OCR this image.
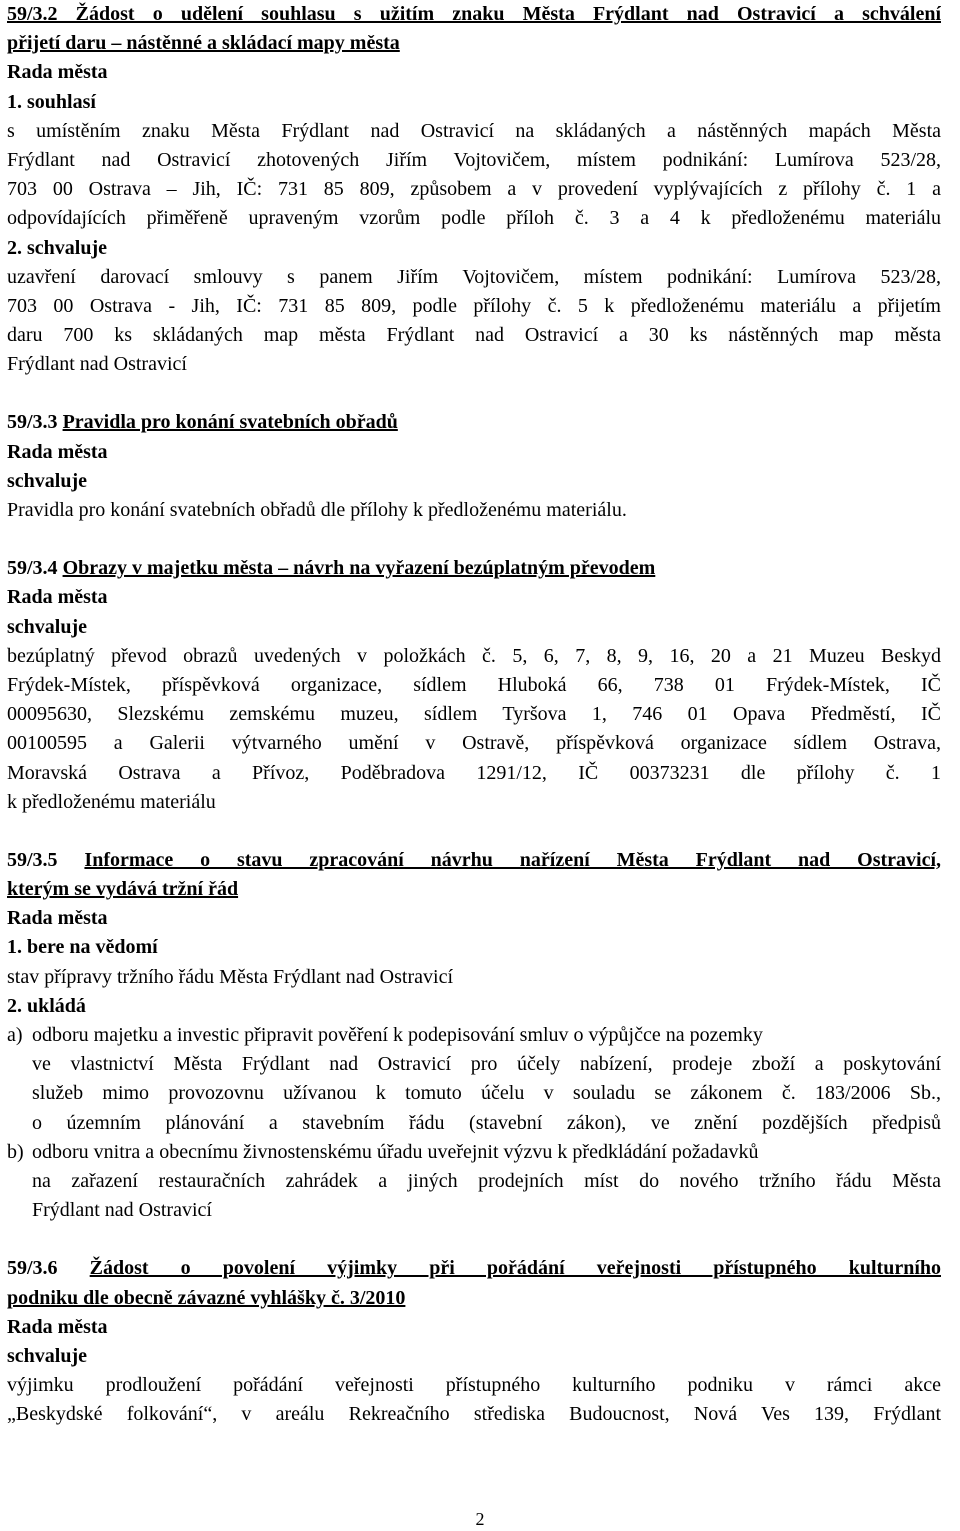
59/3.2 Žádost o udělení souhlasu s užitím znaku Města Frýdlant nad Ostravicí a schválení
přijetí daru – nástěnné a skládací mapy města
Rada města
1. souhlasí
s umístěním znaku Města Frýdlant nad Ostravicí na skládaných a nástěnných mapách Města
Frýdlant nad Ostravicí zhotovených Jiřím Vojtovičem, místem podnikání: Lumírova 523/28,
703 00 Ostrava – Jih, IČ: 731 85 809, způsobem a v provedení vyplývajících z přílohy č. 1 a
odpovídajících přiměřeně upraveným vzorům podle příloh č. 3 a 4 k předloženému materiálu
2. schvaluje
uzavření darovací smlouvy s panem Jiřím Vojtovičem, místem podnikání: Lumírova 523/28,
703 00 Ostrava - Jih, IČ: 731 85 809, podle přílohy č. 5 k předloženému materiálu a přijetím
daru 700 ks skládaných map města Frýdlant nad Ostravicí a 30 ks nástěnných map města
Frýdlant nad Ostravicí
59/3.3 Pravidla pro konání svatebních obřadů
Rada města
schvaluje
Pravidla pro konání svatebních obřadů dle přílohy k předloženému materiálu.
59/3.4 Obrazy v majetku města – návrh na vyřazení bezúplatným převodem
Rada města
schvaluje
bezúplatný převod obrazů uvedených v položkách č. 5, 6, 7, 8, 9, 16, 20 a 21 Muzeu Beskyd
Frýdek-Místek, příspěvková organizace, sídlem Hluboká 66, 738 01 Frýdek-Místek, IČ
00095630, Slezskému zemskému muzeu, sídlem Tyršova 1, 746 01 Opava Předměstí, IČ
00100595 a Galerii výtvarného umění v Ostravě, příspěvková organizace sídlem Ostrava,
Moravská Ostrava a Přívoz, Poděbradova 1291/12, IČ 00373231 dle přílohy č. 1
k předloženému materiálu
59/3.5 Informace o stavu zpracování návrhu nařízení Města Frýdlant nad Ostravicí,
kterým se vydává tržní řád
Rada města
1. bere na vědomí
stav přípravy tržního řádu Města Frýdlant nad Ostravicí
2. ukládá
a) odboru majetku a investic připravit pověření k podepisování smluv o výpůjčce na pozemky
ve vlastnictví Města Frýdlant nad Ostravicí pro účely nabízení, prodeje zboží a poskytování
služeb mimo provozovnu užívanou k tomuto účelu v souladu se zákonem č. 183/2006 Sb.,
o územním plánování a stavebním řádu (stavební zákon), ve znění pozdějších předpisů
b) odboru vnitra a obecnímu živnostenskému úřadu uveřejnit výzvu k předkládání požadavků
na zařazení restauračních zahrádek a jiných prodejních míst do nového tržního řádu Města
Frýdlant nad Ostravicí
59/3.6 Žádost o povolení výjimky při pořádání veřejnosti přístupného kulturního
podniku dle obecně závazné vyhlášky č. 3/2010
Rada města
schvaluje
výjimku prodloužení pořádání veřejnosti přístupného kulturního podniku v rámci akce
„Beskydské folkování“, v areálu Rekreačního střediska Budoucnost, Nová Ves 139, Frýdlant
2
